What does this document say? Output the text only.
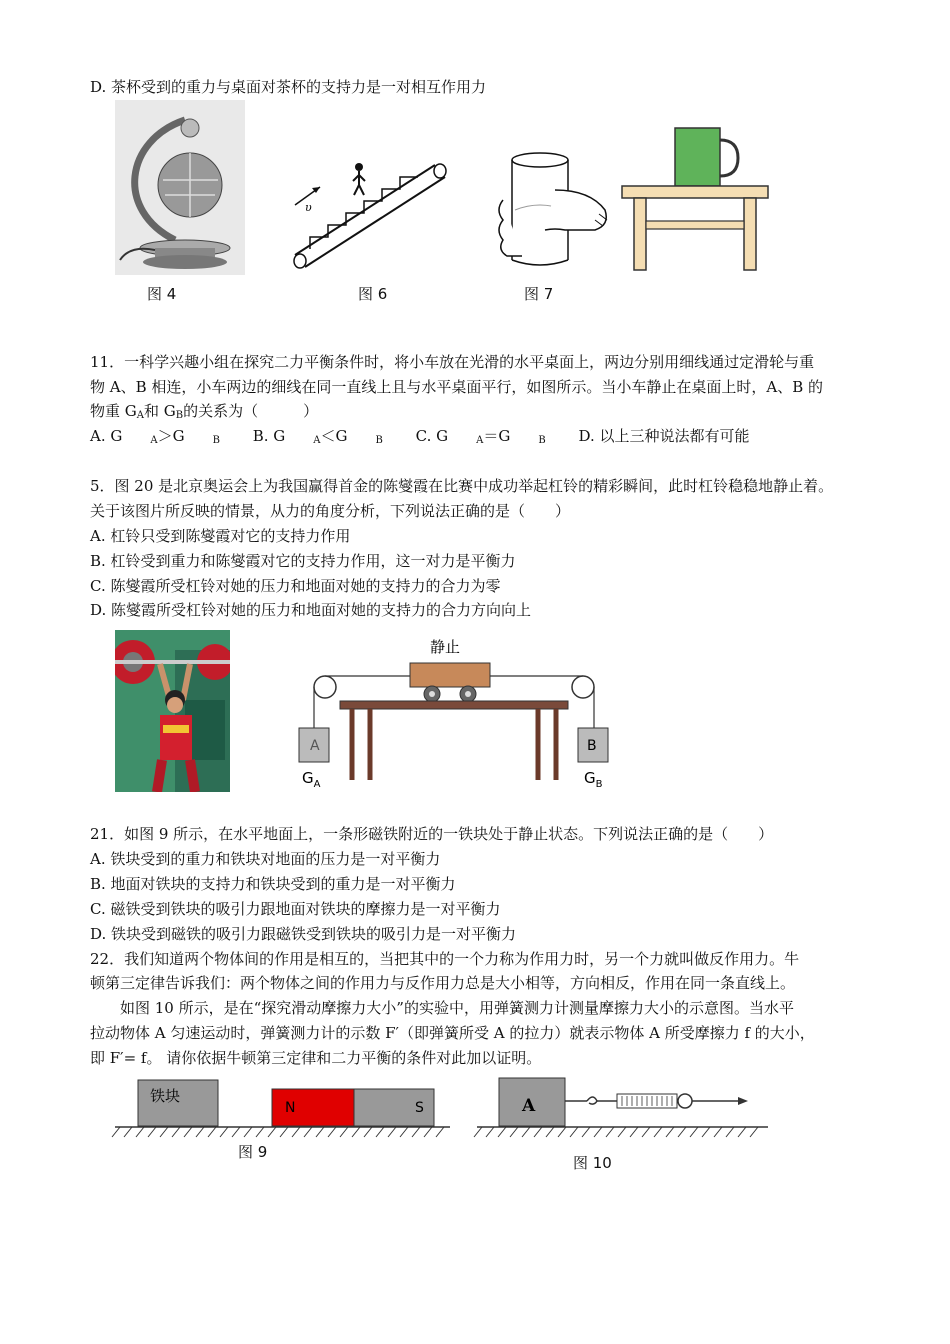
D. 茶杯受到的重力与桌面对茶杯的支持力是一对相互作用力
图 4
υ
图 6	图 7
11．一科学兴趣小组在探究二力平衡条件时，将小车放在光滑的水平桌面上，两边分别用细线通过定滑轮与重
物 A、B 相连，小车两边的细线在同一直线上且与水平桌面平行，如图所示。当小车静止在桌面上时，A、B 的
物重 $G_A$和 $G_B$的关系为（　　　）
A. G	$_A$＞G	$_B$ B. G	$_A$＜G	$_B$ C. G	$_A$＝G	$_B$ D. 以上三种说法都有可能
5．图 20 是北京奥运会上为我国赢得首金的陈燮霞在比赛中成功举起杠铃的精彩瞬间，此时杠铃稳稳地静止着。
关于该图片所反映的情景，从力的角度分析，下列说法正确的是（　　）
A. 杠铃只受到陈燮霞对它的支持力作用
B. 杠铃受到重力和陈燮霞对它的支持力作用，这一对力是平衡力
C. 陈燮霞所受杠铃对她的压力和地面对她的支持力的合力为零
D. 陈燮霞所受杠铃对她的压力和地面对她的支持力的合力方向向上
静止
A	B
$G_A$	$G_B$
21．如图 9 所示，在水平地面上，一条形磁铁附近的一铁块处于静止状态。下列说法正确的是（　　）
A. 铁块受到的重力和铁块对地面的压力是一对平衡力
B. 地面对铁块的支持力和铁块受到的重力是一对平衡力
C. 磁铁受到铁块的吸引力跟地面对铁块的摩擦力是一对平衡力
D. 铁块受到磁铁的吸引力跟磁铁受到铁块的吸引力是一对平衡力
22．我们知道两个物体间的作用是相互的，当把其中的一个力称为作用力时，另一个力就叫做反作用力。牛
顿第三定律告诉我们：两个物体之间的作用力与反作用力总是大小相等，方向相反，作用在同一条直线上。
如图 10 所示，是在“探究滑动摩擦力大小”的实验中，用弹簧测力计测量摩擦力大小的示意图。当水平
拉动物体 A 匀速运动时，弹簧测力计的示数 F′（即弹簧所受 A 的拉力）就表示物体 A 所受摩擦力 f 的大小，
即 F′= f。 请你依据牛顿第三定律和二力平衡的条件对此加以证明。
铁块
N	S
图 9
A
图 10
